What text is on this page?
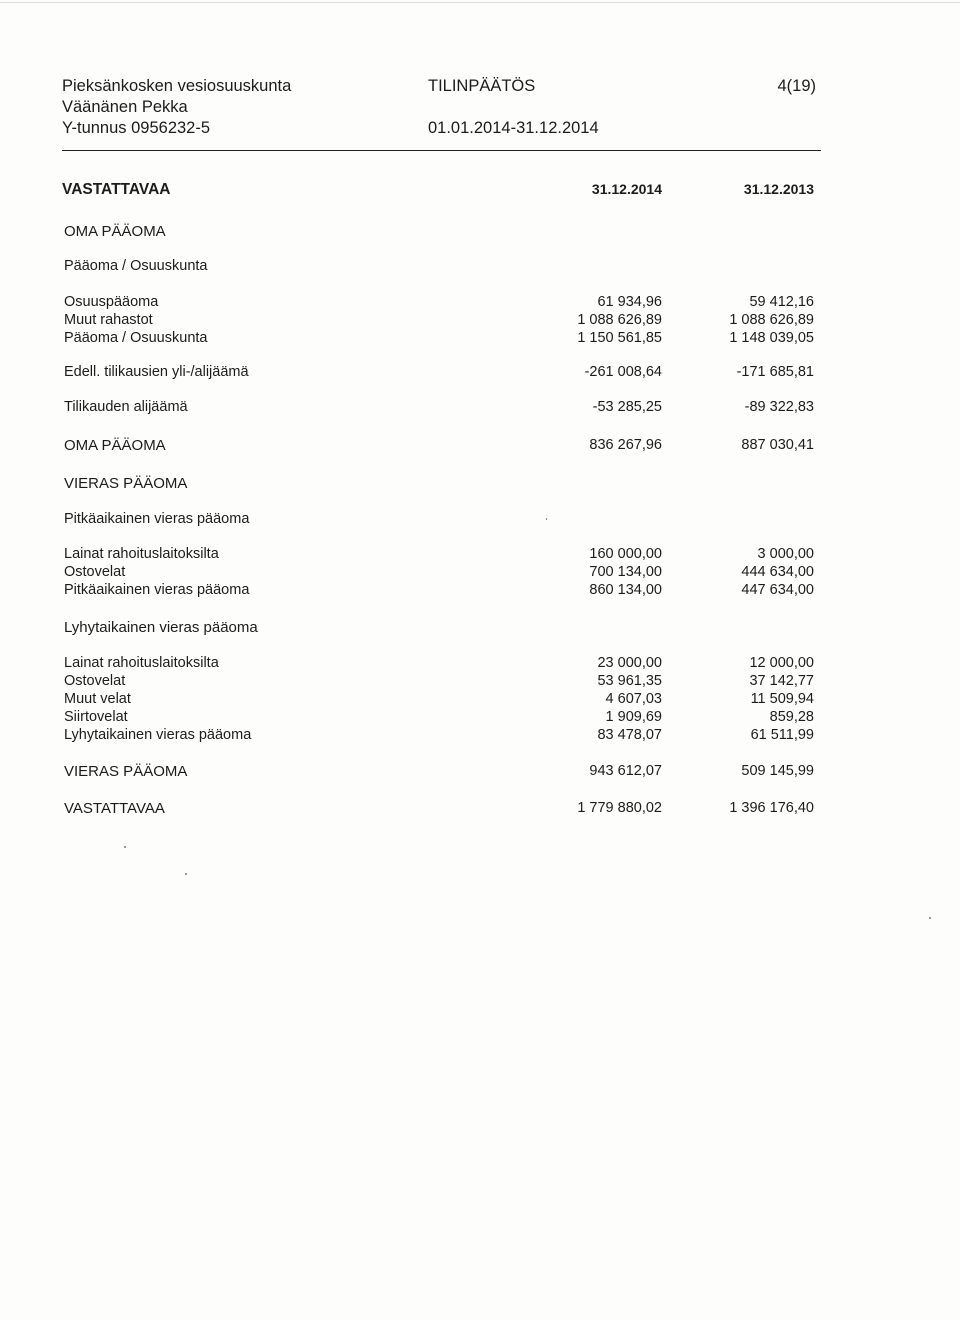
Pieksänkosken vesiosuuskunta
Väänänen Pekka
Y-tunnus 0956232-5
TILINPÄÄTÖS
01.01.2014-31.12.2014
4(19)
VASTATTAVAA	31.12.2014	31.12.2013
OMA PÄÄOMA
Pääoma / Osuuskunta
Osuuspääoma	61 934,96	59 412,16
Muut rahastot	1 088 626,89	1 088 626,89
Pääoma / Osuuskunta	1 150 561,85	1 148 039,05
Edell. tilikausien yli-/alijäämä	-261 008,64	-171 685,81
Tilikauden alijäämä	-53 285,25	-89 322,83
OMA PÄÄOMA	836 267,96	887 030,41
VIERAS PÄÄOMA
Pitkäaikainen vieras pääoma
Lainat rahoituslaitoksilta	160 000,00	3 000,00
Ostovelat	700 134,00	444 634,00
Pitkäaikainen vieras pääoma	860 134,00	447 634,00
Lyhytaikainen vieras pääoma
Lainat rahoituslaitoksilta	23 000,00	12 000,00
Ostovelat	53 961,35	37 142,77
Muut velat	4 607,03	11 509,94
Siirtovelat	1 909,69	859,28
Lyhytaikainen vieras pääoma	83 478,07	61 511,99
VIERAS PÄÄOMA	943 612,07	509 145,99
VASTATTAVAA	1 779 880,02	1 396 176,40
